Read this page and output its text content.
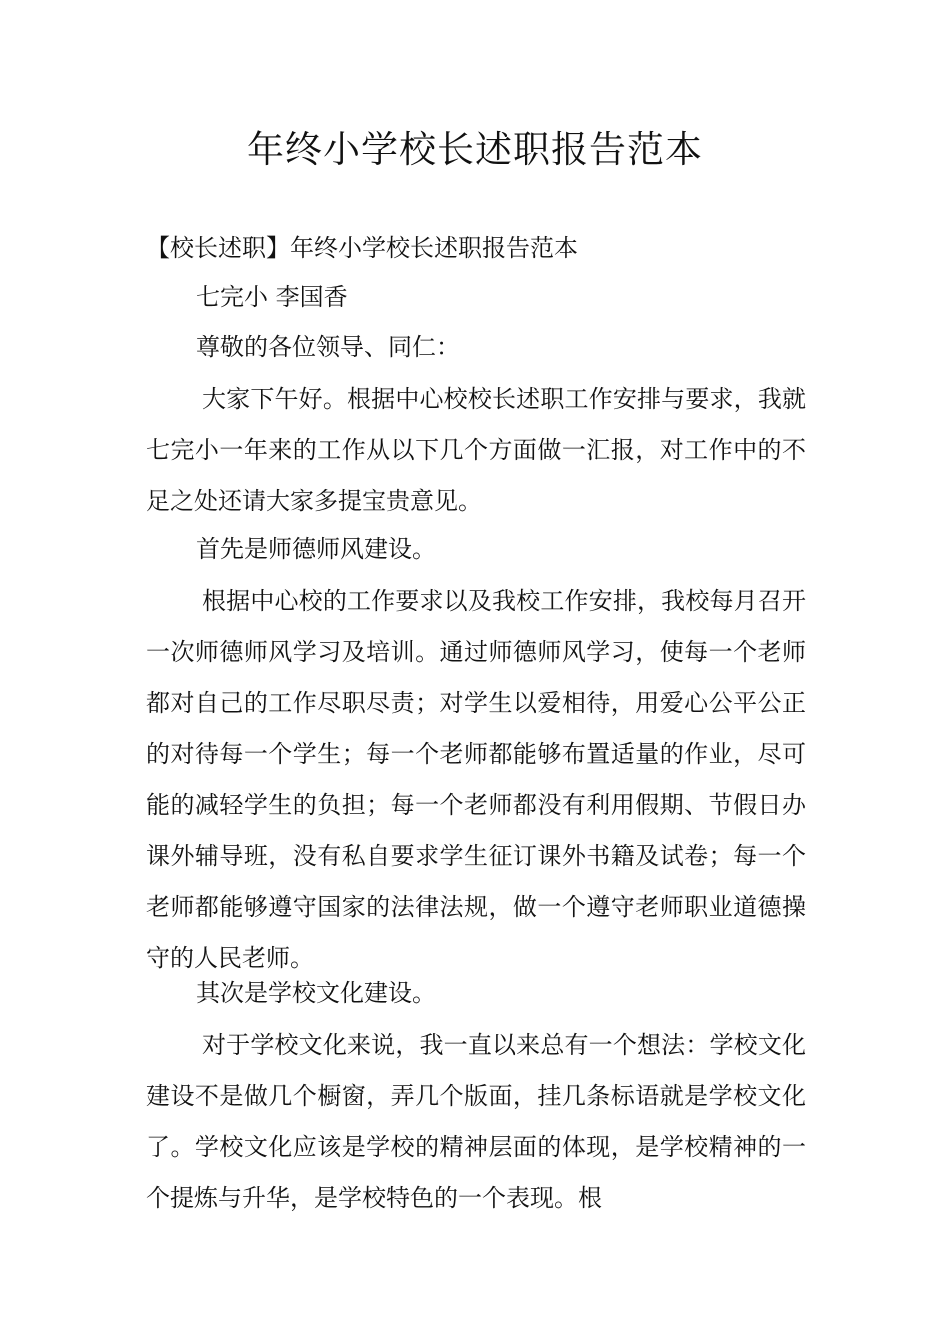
年终小学校长述职报告范本

【校长述职】年终小学校长述职报告范本

七完小 李国香

尊敬的各位领导、同仁：

大家下午好。根据中心校校长述职工作安排与要求，我就七完小一年来的工作从以下几个方面做一汇报，对工作中的不足之处还请大家多提宝贵意见。

首先是师德师风建设。

根据中心校的工作要求以及我校工作安排，我校每月召开一次师德师风学习及培训。通过师德师风学习，使每一个老师都对自己的工作尽职尽责；对学生以爱相待，用爱心公平公正的对待每一个学生；每一个老师都能够布置适量的作业，尽可能的减轻学生的负担；每一个老师都没有利用假期、节假日办课外辅导班，没有私自要求学生征订课外书籍及试卷；每一个老师都能够遵守国家的法律法规，做一个遵守老师职业道德操守的人民老师。

其次是学校文化建设。

对于学校文化来说，我一直以来总有一个想法：学校文化建设不是做几个橱窗，弄几个版面，挂几条标语就是学校文化了。学校文化应该是学校的精神层面的体现，是学校精神的一个提炼与升华，是学校特色的一个表现。根
